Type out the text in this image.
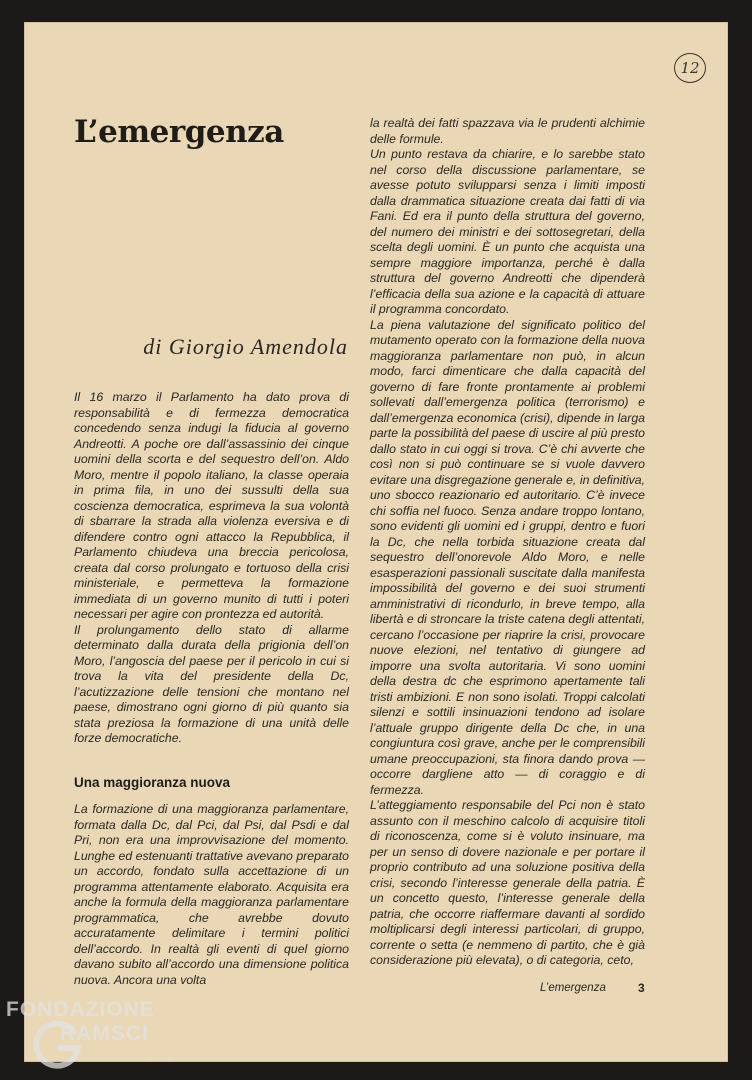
12
L’emergenza
di Giorgio Amendola

Il 16 marzo il Parlamento ha dato prova di responsabilità e di fermezza democratica concedendo senza indugi la fiducia al governo Andreotti. A poche ore dall’assassinio dei cinque uomini della scorta e del sequestro dell’on. Aldo Moro, mentre il popolo italiano, la classe operaia in prima fila, in uno dei sussulti della sua coscienza democratica, esprimeva la sua volontà di sbarrare la strada alla violenza eversiva e di difendere contro ogni attacco la Repubblica, il Parlamento chiudeva una breccia pericolosa, creata dal corso prolungato e tortuoso della crisi ministeriale, e permetteva la formazione immediata di un governo munito di tutti i poteri necessari per agire con prontezza ed autorità.

Il prolungamento dello stato di allarme determinato dalla durata della prigionia dell’on Moro, l’angoscia del paese per il pericolo in cui si trova la vita del presidente della Dc, l’acutizzazione delle tensioni che montano nel paese, dimostrano ogni giorno di più quanto sia stata preziosa la formazione di una unità delle forze democratiche.

Una maggioranza nuova

La formazione di una maggioranza parlamentare, formata dalla Dc, dal Pci, dal Psi, dal Psdi e dal Pri, non era una improvvisazione del momento. Lunghe ed estenuanti trattative avevano preparato un accordo, fondato sulla accettazione di un programma attentamente elaborato. Acquisita era anche la formula della maggioranza parlamentare programmatica, che avrebbe dovuto accuratamente delimitare i termini politici dell’accordo. In realtà gli eventi di quel giorno davano subito all’accordo una dimensione politica nuova. Ancora una volta

la realtà dei fatti spazzava via le prudenti alchimie delle formule.

Un punto restava da chiarire, e lo sarebbe stato nel corso della discussione parlamentare, se avesse potuto svilupparsi senza i limiti imposti dalla drammatica situazione creata dai fatti di via Fani. Ed era il punto della struttura del governo, del numero dei ministri e dei sottosegretari, della scelta degli uomini. È un punto che acquista una sempre maggiore importanza, perché è dalla struttura del governo Andreotti che dipenderà l’efficacia della sua azione e la capacità di attuare il programma concordato.

La piena valutazione del significato politico del mutamento operato con la formazione della nuova maggioranza parlamentare non può, in alcun modo, farci dimenticare che dalla capacità del governo di fare fronte prontamente ai problemi sollevati dall’emergenza politica (terrorismo) e dall’emergenza economica (crisi), dipende in larga parte la possibilità del paese di uscire al più presto dallo stato in cui oggi si trova. C’è chi avverte che così non si può continuare se si vuole davvero evitare una disgregazione generale e, in definitiva, uno sbocco reazionario ed autoritario. C’è invece chi soffia nel fuoco. Senza andare troppo lontano, sono evidenti gli uomini ed i gruppi, dentro e fuori la Dc, che nella torbida situazione creata dal sequestro dell’onorevole Aldo Moro, e nelle esasperazioni passionali suscitate dalla manifesta impossibilità del governo e dei suoi strumenti amministrativi di ricondurlo, in breve tempo, alla libertà e di stroncare la triste catena degli attentati, cercano l’occasione per riaprire la crisi, provocare nuove elezioni, nel tentativo di giungere ad imporre una svolta autoritaria. Vi sono uomini della destra dc che esprimono apertamente tali tristi ambizioni. E non sono isolati. Troppi calcolati silenzi e sottili insinuazioni tendono ad isolare l’attuale gruppo dirigente della Dc che, in una congiuntura così grave, anche per le comprensibili umane preoccupazioni, sta finora dando prova — occorre dargliene atto — di coraggio e di fermezza.

L’atteggiamento responsabile del Pci non è stato assunto con il meschino calcolo di acquisire titoli di riconoscenza, come si è voluto insinuare, ma per un senso di dovere nazionale e per portare il proprio contributo ad una soluzione positiva della crisi, secondo l’interesse generale della patria. È un concetto questo, l’interesse generale della patria, che occorre riaffermare davanti al sordido moltiplicarsi degli interessi particolari, di gruppo, corrente o setta (e nemmeno di partito, che è già considerazione più elevata), o di categoria, ceto,

L’emergenza	3
FONDAZIONE
RAMSCI
onlus
